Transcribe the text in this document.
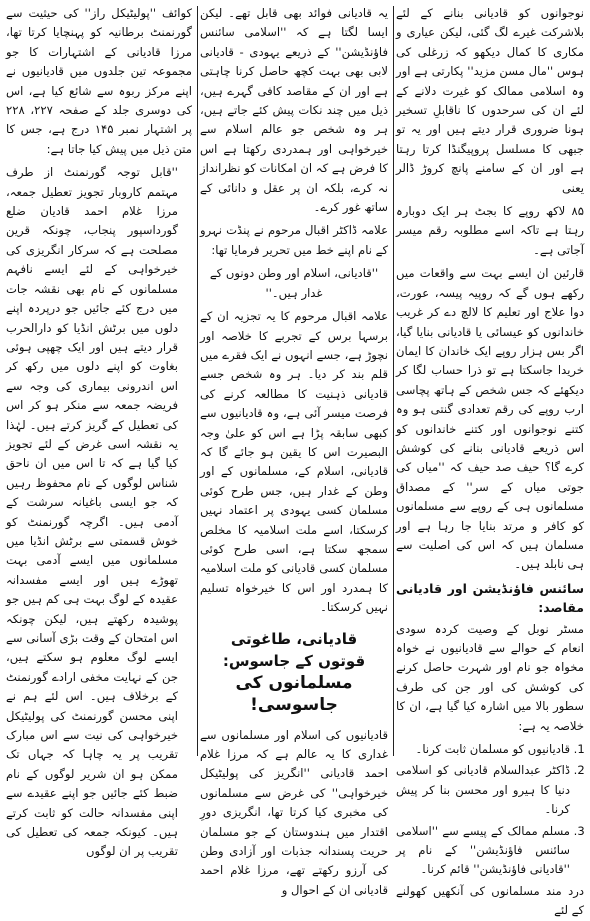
نوجوانوں کو قادیانی بنانے کے لئے بلاشرکت غیرے لگ گئی، لیکن عیاری و مکاری کا کمال دیکھو کہ زرغلی کی ہوس ''مال مسن مزید'' پکارتی ہے اور وہ اسلامی ممالک کو غیرت دلانے کے لئے ان کی سرحدوں کا ناقابلِ تسخیر ہونا ضروری قرار دیتے ہیں اور یہ تو جبھی کا مسلسل پروپیگنڈا کرتا رہتا ہے اور ان کے سامنے پانچ کروڑ ڈالر یعنی

۸۵ لاکھ روپے کا بجٹ ہر ایک دوبارہ رہتا ہے تاکہ اسے مطلوبہ رقم میسر آجاتی ہے۔

قارئین ان ایسے بہت سے واقعات میں رکھے ہوں گے کہ روپیہ پیسہ، عورت، دوا علاج اور تعلیم کا لالچ دے کر غریب خاندانوں کو عیسائی یا قادیانی بنایا گیا، اگر بس ہزار روپے ایک خاندان کا ایمان خریدا جاسکتا ہے تو ذرا حساب لگا کر دیکھئے کہ جس شخص کے ہاتھ پچاسی ارب روپے کی رقم تعدادی گنتی ہو وہ کتنے نوجوانوں اور کتنے خاندانوں کو اس ذریعے قادیانی بنانے کی کوشش کرے گا؟ حیف صد حیف کہ ''میاں کی جوتی میاں کے سر'' کے مصداق مسلمانوں ہی کے روپے سے مسلمانوں کو کافر و مرتد بنایا جا رہا ہے اور مسلمان ہیں کہ اس کی اصلیت سے ہی نابلد ہیں۔

سائنس فاؤنڈیشن اور قادیانی مقاصد:

مسٹر نوبل کے وصیت کردہ سودی انعام کے حوالے سے قادیانیوں نے خواہ مخواہ جو نام اور شہرت حاصل کرنے کی کوشش کی اور جن کی طرف سطور بالا میں اشارہ کیا گیا ہے، ان کا خلاصہ یہ ہے:

1. قادیانیوں کو مسلمان ثابت کرنا۔
2. ڈاکٹر عبدالسلام قادیانی کو اسلامی دنیا کا ہیرو اور محسن بنا کر پیش کرنا۔
3. مسلم ممالک کے پیسے سے ''اسلامی سائنس فاؤنڈیشن'' کے نام پر ''قادیانی فاؤنڈیشن'' قائم کرنا۔

درد مند مسلمانوں کی آنکھیں کھولنے کے لئے

یہ قادیانی فوائد بھی قابل تھے۔ لیکن ایسا لگتا ہے کہ ''اسلامی سائنس فاؤنڈیشن'' کے ذریعے یہودی - قادیانی لابی بھی بہت کچھ حاصل کرنا چاہتی ہے اور ان کے مقاصد کافی گہرے ہیں، ذیل میں چند نکات پیش کئے جاتے ہیں، ہر وہ شخص جو عالم اسلام سے خیرخواہی اور ہمدردی رکھتا ہے اس کا فرض ہے کہ ان امکانات کو نظرانداز نہ کرے، بلکہ ان پر عقل و دانائی کے ساتھ غور کرے۔

علامہ ڈاکٹر اقبال مرحوم نے پنڈت نہرو کے نام اپنے خط میں تحریر فرمایا تھا:

''قادیانی، اسلام اور وطن دونوں کے غدار ہیں۔''

علامہ اقبال مرحوم کا یہ تجزیہ ان کے برسہا برس کے تجربے کا خلاصہ اور نچوڑ ہے، جسے انہوں نے ایک فقرے میں قلم بند کر دیا۔ ہر وہ شخص جسے قادیانی ذہنیت کا مطالعہ کرنے کی فرصت میسر آئی ہے، وہ قادیانیوں سے کبھی سابقہ پڑا ہے اس کو علیٰ وجہ البصیرت اس کا یقین ہو جائے گا کہ قادیانی، اسلام کے، مسلمانوں کے اور وطن کے غدار ہیں، جس طرح کوئی مسلمان کسی یہودی پر اعتماد نہیں کرسکتا، اسے ملت اسلامیہ کا مخلص سمجھ سکتا ہے، اسی طرح کوئی مسلمان کسی قادیانی کو ملت اسلامیہ کا ہمدرد اور اس کا خیرخواہ تسلیم نہیں کرسکتا۔

قادیانی، طاغوتی قوتوں کے جاسوس:
مسلمانوں کی جاسوسی!

قادیانیوں کی اسلام اور مسلمانوں سے غداری کا یہ عالم ہے کہ مرزا غلام احمد قادیانی ''انگریز کی پولیٹیکل خیرخواہی'' کی غرض سے مسلمانوں کی مخبری کیا کرتا تھا، انگریزی دورِ اقتدار میں ہندوستان کے جو مسلمان حریت پسندانہ جذبات اور آزادی وطن کی آرزو رکھتے تھے، مرزا غلام احمد قادیانی ان کے احوال و

کوائف ''پولیٹیکل راز'' کی حیثیت سے گورنمنٹ برطانیہ کو پہنچایا کرتا تھا، مرزا قادیانی کے اشتہارات کا جو مجموعہ تین جلدوں میں قادیانیوں نے اپنے مرکز ربوہ سے شائع کیا ہے، اس کی دوسری جلد کے صفحہ ۲۲۷، ۲۲۸ پر اشتہار نمبر ۱۴۵ درج ہے، جس کا متن ذیل میں پیش کیا جاتا ہے:

''قابل توجہ گورنمنٹ از طرف مہتمم کاروبار تجویز تعطیل جمعہ، مرزا غلام احمد قادیان ضلع گورداسپور پنجاب، چونکہ قرین مصلحت ہے کہ سرکار انگریزی کی خیرخواہی کے لئے ایسے نافہم مسلمانوں کے نام بھی نقشہ جات میں درج کئے جائیں جو درپردہ اپنے دلوں میں برٹش انڈیا کو دارالحرب قرار دیتے ہیں اور ایک چھپی ہوئی بغاوت کو اپنے دلوں میں رکھ کر اس اندرونی بیماری کی وجہ سے فریضہ جمعہ سے منکر ہو کر اس کی تعطیل کے گریز کرتے ہیں۔ لہٰذا یہ نقشہ اسی غرض کے لئے تجویز کیا گیا ہے کہ تا اس میں ان ناحق شناس لوگوں کے نام محفوظ رہیں کہ جو ایسی باغیانہ سرشت کے آدمی ہیں۔ اگرچہ گورنمنٹ کو خوش قسمتی سے برٹش انڈیا میں مسلمانوں میں ایسے آدمی بہت تھوڑے ہیں اور ایسے مفسدانہ عقیدہ کے لوگ بہت ہی کم ہیں جو پوشیدہ رکھتے ہیں، لیکن چونکہ اس امتحان کے وقت بڑی آسانی سے ایسے لوگ معلوم ہو سکتے ہیں، جن کے نہایت مخفی ارادے گورنمنٹ کے برخلاف ہیں۔ اس لئے ہم نے اپنی محسن گورنمنٹ کی پولیٹیکل خیرخواہی کی نیت سے اس مبارک تقریب پر یہ چاہا کہ جہاں تک ممکن ہو ان شریر لوگوں کے نام ضبط کئے جائیں جو اپنے عقیدے سے اپنی مفسدانہ حالت کو ثابت کرتے ہیں۔ کیونکہ جمعہ کی تعطیل کی تقریب پر ان لوگوں
